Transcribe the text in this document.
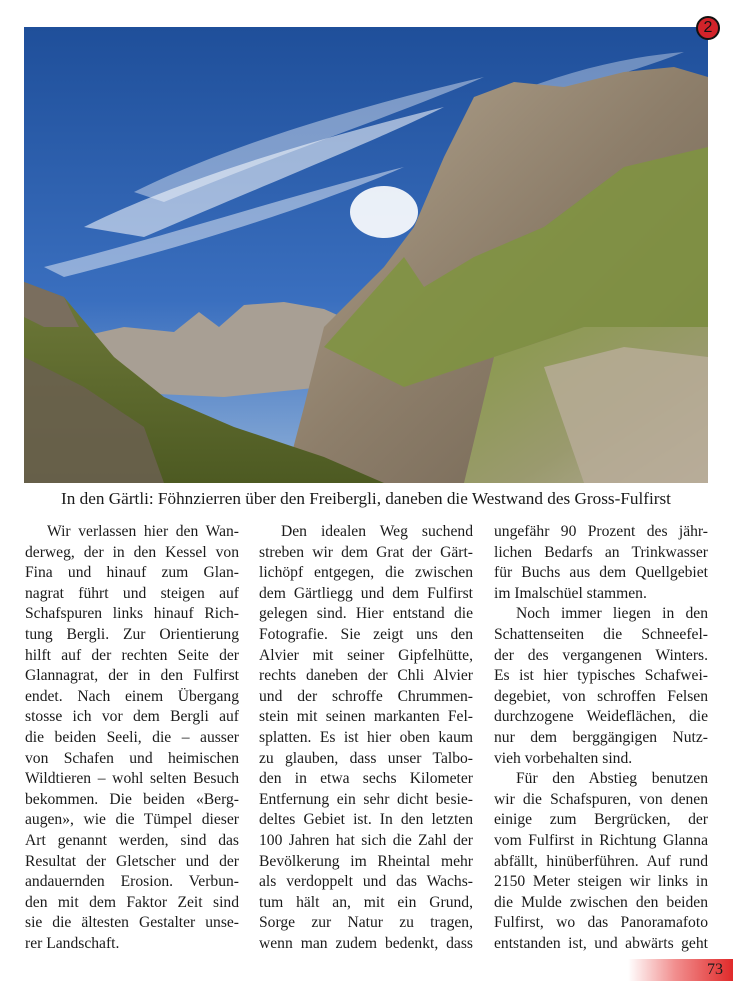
2
In den Gärtli: Föhnzierren über den Freibergli, daneben die Westwand des Gross-Fulfirst
Wir verlassen hier den Wan-
derweg, der in den Kessel von
Fina und hinauf zum Glan-
nagrat führt und steigen auf
Schafspuren links hinauf Rich-
tung Bergli. Zur Orientierung
hilft auf der rechten Seite der
Glannagrat, der in den Fulfirst
endet. Nach einem Übergang
stosse ich vor dem Bergli auf
die beiden Seeli, die – ausser
von Schafen und heimischen
Wildtieren – wohl selten Besuch
bekommen. Die beiden «Berg-
augen», wie die Tümpel dieser
Art genannt werden, sind das
Resultat der Gletscher und der
andauernden Erosion. Verbun-
den mit dem Faktor Zeit sind
sie die ältesten Gestalter unse-
rer Landschaft.
Den idealen Weg suchend
streben wir dem Grat der Gärt-
lichöpf entgegen, die zwischen
dem Gärtliegg und dem Fulfirst
gelegen sind. Hier entstand die
Fotografie. Sie zeigt uns den
Alvier mit seiner Gipfelhütte,
rechts daneben der Chli Alvier
und der schroffe Chrummen-
stein mit seinen markanten Fel-
splatten. Es ist hier oben kaum
zu glauben, dass unser Talbo-
den in etwa sechs Kilometer
Entfernung ein sehr dicht besie-
deltes Gebiet ist. In den letzten
100 Jahren hat sich die Zahl der
Bevölkerung im Rheintal mehr
als verdoppelt und das Wachs-
tum hält an, mit ein Grund,
Sorge zur Natur zu tragen,
wenn man zudem bedenkt, dass
ungefähr 90 Prozent des jähr-
lichen Bedarfs an Trinkwasser
für Buchs aus dem Quellgebiet
im Imalschüel stammen.
Noch immer liegen in den
Schattenseiten die Schneefel-
der des vergangenen Winters.
Es ist hier typisches Schafwei-
degebiet, von schroffen Felsen
durchzogene Weideflächen, die
nur dem berggängigen Nutz-
vieh vorbehalten sind.
Für den Abstieg benutzen
wir die Schafspuren, von denen
einige zum Bergrücken, der
vom Fulfirst in Richtung Glanna
abfällt, hinüberführen. Auf rund
2150 Meter steigen wir links in
die Mulde zwischen den beiden
Fulfirst, wo das Panoramafoto
entstanden ist, und abwärts geht
73
